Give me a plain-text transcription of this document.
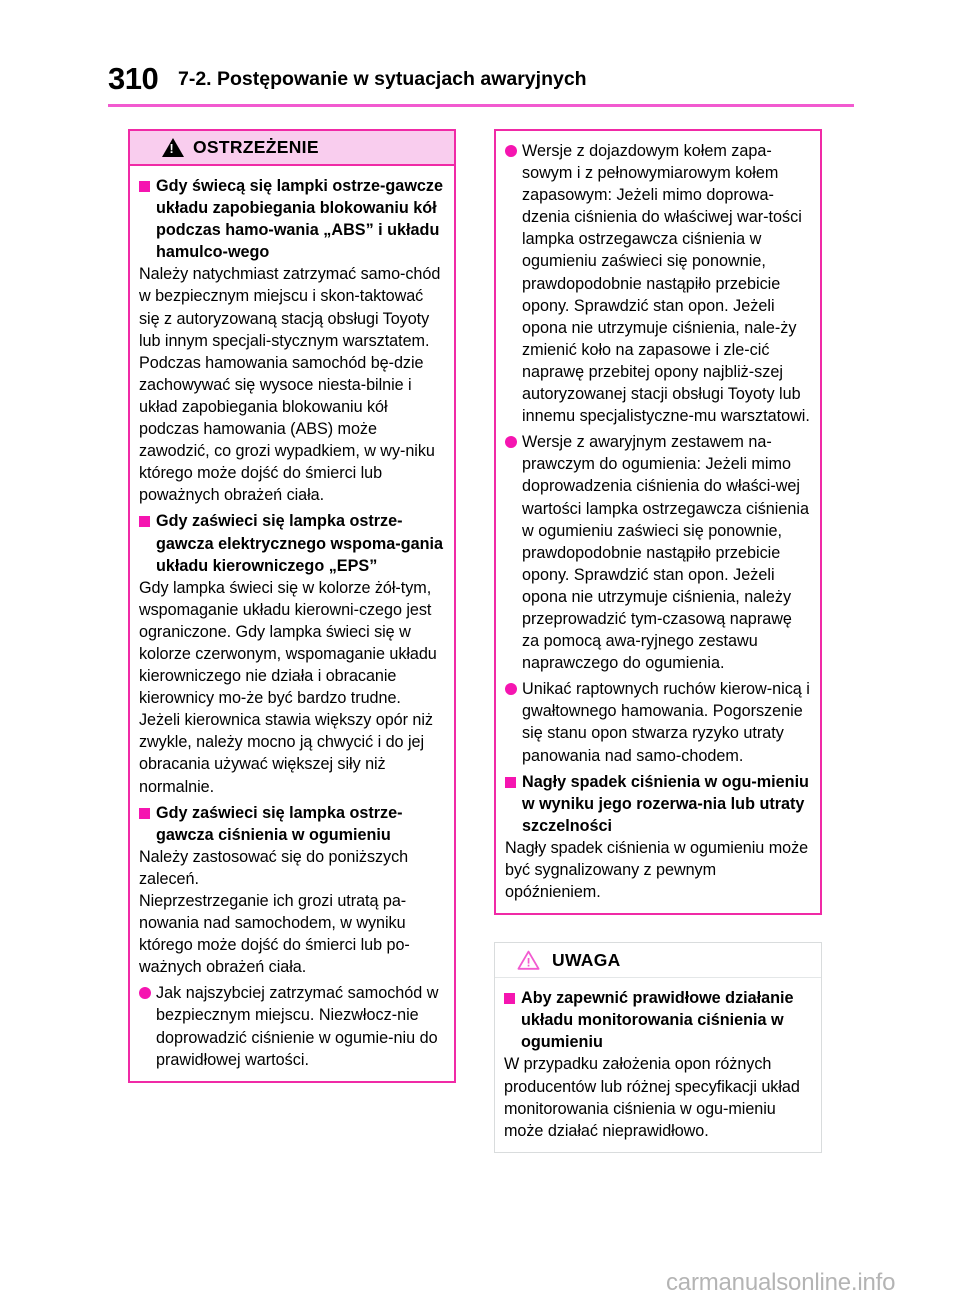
310 7-2. Postępowanie w sytuacjach awaryjnych
!
OSTRZEŻENIE

Gdy świecą się lampki ostrze-gawcze układu zapobiegania blokowaniu kół podczas hamo-wania „ABS” i układu hamulco-wego

Należy natychmiast zatrzymać samo-chód w bezpiecznym miejscu i skon-taktować się z autoryzowaną stacją obsługi Toyoty lub innym specjali-stycznym warsztatem.

Podczas hamowania samochód bę-dzie zachowywać się wysoce niesta-bilnie i układ zapobiegania blokowaniu kół podczas hamowania (ABS) może zawodzić, co grozi wypadkiem, w wy-niku którego może dojść do śmierci lub poważnych obrażeń ciała.

Gdy zaświeci się lampka ostrze-gawcza elektrycznego wspoma-gania układu kierowniczego „EPS”

Gdy lampka świeci się w kolorze żół-tym, wspomaganie układu kierowni-czego jest ograniczone. Gdy lampka świeci się w kolorze czerwonym, wspomaganie układu kierowniczego nie działa i obracanie kierownicy mo-że być bardzo trudne.

Jeżeli kierownica stawia większy opór niż zwykle, należy mocno ją chwycić i do jej obracania używać większej siły niż normalnie.

Gdy zaświeci się lampka ostrze-gawcza ciśnienia w ogumieniu

Należy zastosować się do poniższych zaleceń.

Nieprzestrzeganie ich grozi utratą pa-nowania nad samochodem, w wyniku którego może dojść do śmierci lub po-ważnych obrażeń ciała.

Jak najszybciej zatrzymać samochód w bezpiecznym miejscu. Niezwłocz-nie doprowadzić ciśnienie w ogumie-niu do prawidłowej wartości.

Wersje z dojazdowym kołem zapa-sowym i z pełnowymiarowym kołem zapasowym: Jeżeli mimo doprowa-dzenia ciśnienia do właściwej war-tości lampka ostrzegawcza ciśnienia w ogumieniu zaświeci się ponownie, prawdopodobnie nastąpiło przebicie opony. Sprawdzić stan opon. Jeżeli opona nie utrzymuje ciśnienia, nale-ży zmienić koło na zapasowe i zle-cić naprawę przebitej opony najbliż-szej autoryzowanej stacji obsługi Toyoty lub innemu specjalistyczne-mu warsztatowi.

Wersje z awaryjnym zestawem na-prawczym do ogumienia: Jeżeli mimo doprowadzenia ciśnienia do właści-wej wartości lampka ostrzegawcza ciśnienia w ogumieniu zaświeci się ponownie, prawdopodobnie nastąpiło przebicie opony. Sprawdzić stan opon. Jeżeli opona nie utrzymuje ciśnienia, należy przeprowadzić tym-czasową naprawę za pomocą awa-ryjnego zestawu naprawczego do ogumienia.

Unikać raptownych ruchów kierow-nicą i gwałtownego hamowania. Pogorszenie się stanu opon stwarza ryzyko utraty panowania nad samo-chodem.

Nagły spadek ciśnienia w ogu-mieniu w wyniku jego rozerwa-nia lub utraty szczelności

Nagły spadek ciśnienia w ogumieniu może być sygnalizowany z pewnym opóźnieniem.

UWAGA

Aby zapewnić prawidłowe działanie układu monitorowania ciśnienia w ogumieniu

W przypadku założenia opon różnych producentów lub różnej specyfikacji układ monitorowania ciśnienia w ogu-mieniu może działać nieprawidłowo.

carmanualsonline.info
